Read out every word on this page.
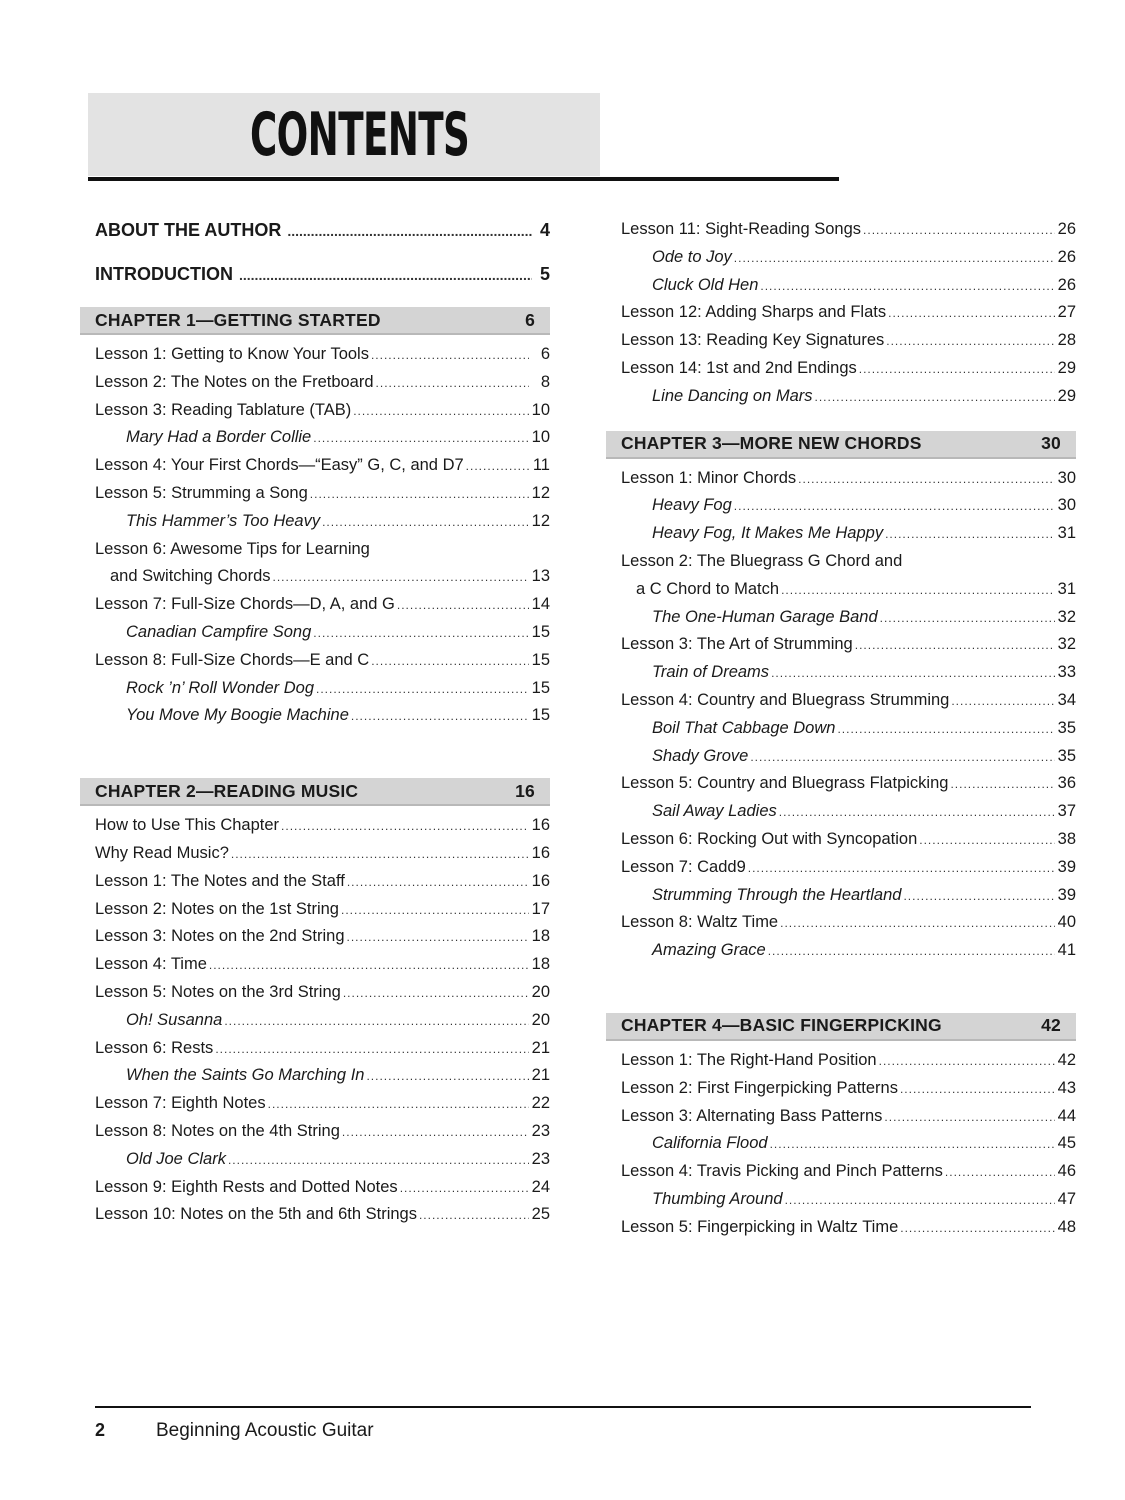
CONTENTS
ABOUT THE AUTHOR .....	4
INTRODUCTION .....	5
CHAPTER 1—GETTING STARTED	6
Lesson 1: Getting to Know Your Tools .....	6
Lesson 2: The Notes on the Fretboard .....	8
Lesson 3: Reading Tablature (TAB) .....	10
Mary Had a Border Collie .....	10
Lesson 4: Your First Chords—“Easy” G, C, and D7 .....	11
Lesson 5: Strumming a Song .....	12
This Hammer’s Too Heavy .....	12
Lesson 6: Awesome Tips for Learning
and Switching Chords .....	13
Lesson 7: Full-Size Chords—D, A, and G .....	14
Canadian Campfire Song .....	15
Lesson 8: Full-Size Chords—E and C .....	15
Rock ’n’ Roll Wonder Dog .....	15
You Move My Boogie Machine .....	15
CHAPTER 2—READING MUSIC	16
How to Use This Chapter .....	16
Why Read Music? .....	16
Lesson 1: The Notes and the Staff .....	16
Lesson 2: Notes on the 1st String .....	17
Lesson 3: Notes on the 2nd String .....	18
Lesson 4: Time .....	18
Lesson 5: Notes on the 3rd String .....	20
Oh! Susanna .....	20
Lesson 6: Rests .....	21
When the Saints Go Marching In .....	21
Lesson 7: Eighth Notes .....	22
Lesson 8: Notes on the 4th String .....	23
Old Joe Clark .....	23
Lesson 9: Eighth Rests and Dotted Notes .....	24
Lesson 10: Notes on the 5th and 6th Strings .....	25
Lesson 11: Sight-Reading Songs .....	26
Ode to Joy .....	26
Cluck Old Hen .....	26
Lesson 12: Adding Sharps and Flats .....	27
Lesson 13: Reading Key Signatures .....	28
Lesson 14: 1st and 2nd Endings .....	29
Line Dancing on Mars .....	29
CHAPTER 3—MORE NEW CHORDS	30
Lesson 1: Minor Chords .....	30
Heavy Fog .....	30
Heavy Fog, It Makes Me Happy .....	31
Lesson 2: The Bluegrass G Chord and
a C Chord to Match .....	31
The One-Human Garage Band .....	32
Lesson 3: The Art of Strumming .....	32
Train of Dreams .....	33
Lesson 4: Country and Bluegrass Strumming .....	34
Boil That Cabbage Down .....	35
Shady Grove .....	35
Lesson 5: Country and Bluegrass Flatpicking .....	36
Sail Away Ladies .....	37
Lesson 6: Rocking Out with Syncopation .....	38
Lesson 7: Cadd9 .....	39
Strumming Through the Heartland .....	39
Lesson 8: Waltz Time .....	40
Amazing Grace .....	41
CHAPTER 4—BASIC FINGERPICKING	42
Lesson 1: The Right-Hand Position .....	42
Lesson 2: First Fingerpicking Patterns .....	43
Lesson 3: Alternating Bass Patterns .....	44
California Flood .....	45
Lesson 4: Travis Picking and Pinch Patterns .....	46
Thumbing Around .....	47
Lesson 5: Fingerpicking in Waltz Time .....	48
2	Beginning Acoustic Guitar
